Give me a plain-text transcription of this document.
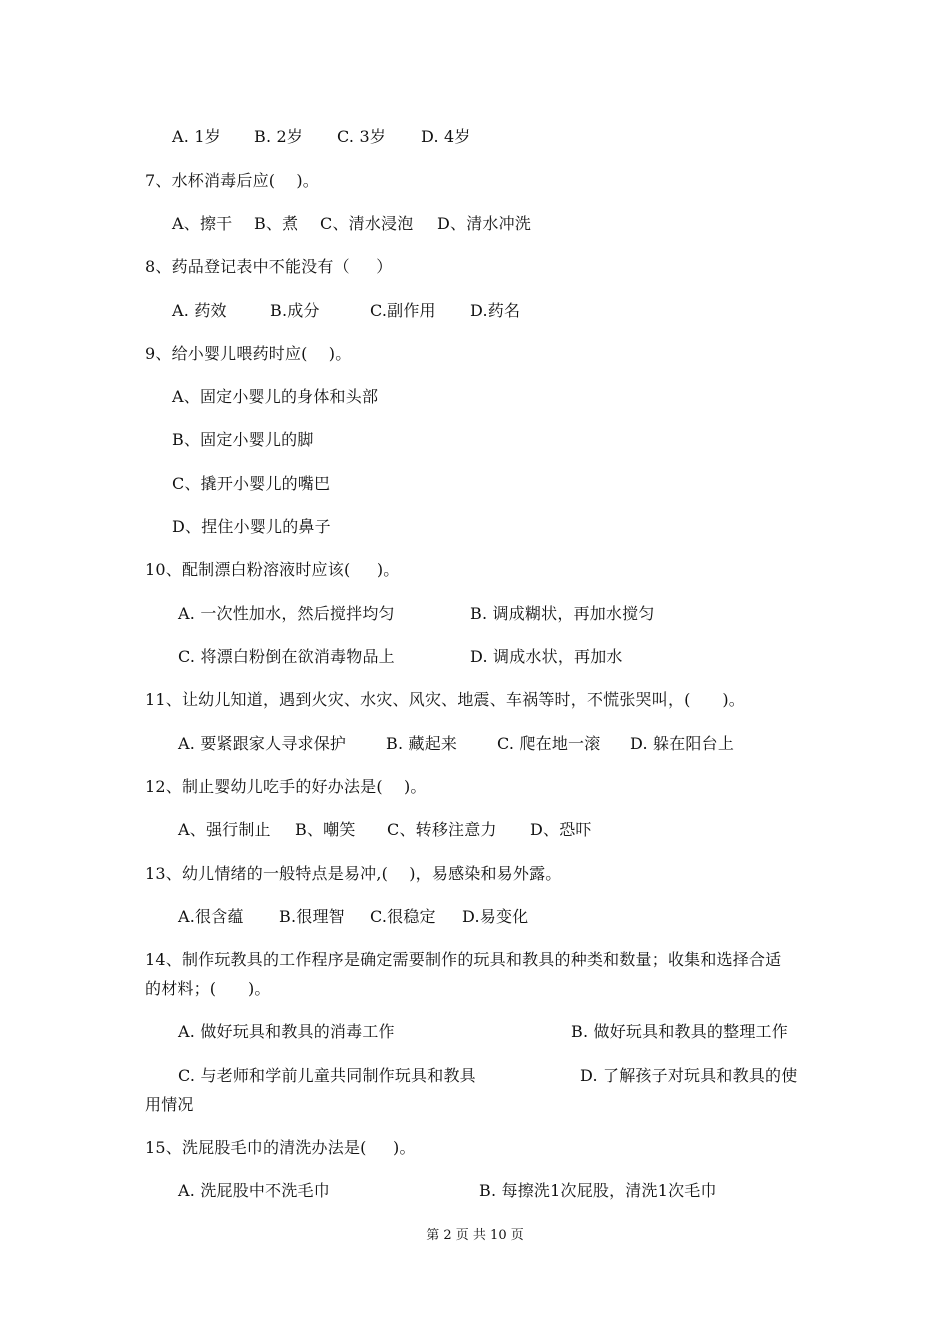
A. 1岁 B. 2岁 C. 3岁 D. 4岁
7、水杯消毒后应(    )。
A、擦干 B、煮 C、清水浸泡 D、清水冲洗
8、药品登记表中不能没有（     ）
A. 药效	B.成分	C.副作用 D.药名
9、给小婴儿喂药时应(    )。
A、固定小婴儿的身体和头部
B、固定小婴儿的脚
C、撬开小婴儿的嘴巴
D、捏住小婴儿的鼻子
10、配制漂白粉溶液时应该(     )。
A. 一次性加水，然后搅拌均匀	B. 调成糊状，再加水搅匀
C. 将漂白粉倒在欲消毒物品上	D. 调成水状，再加水
11、让幼儿知道，遇到火灾、水灾、风灾、地震、车祸等时，不慌张哭叫，(      )。
A. 要紧跟家人寻求保护 B. 藏起来 C. 爬在地一滚 D. 躲在阳台上
12、制止婴幼儿吃手的好办法是(    )。
A、强行制止 B、嘲笑 C、转移注意力 D、恐吓
13、幼儿情绪的一般特点是易冲,(    )，易感染和易外露。
A.很含蕴 B.很理智 C.很稳定 D.易变化
14、制作玩教具的工作程序是确定需要制作的玩具和教具的种类和数量；收集和选择合适
的材料；(      )。
A. 做好玩具和教具的消毒工作	B. 做好玩具和教具的整理工作
C. 与老师和学前儿童共同制作玩具和教具	D. 了解孩子对玩具和教具的使
用情况
15、洗屁股毛巾的清洗办法是(     )。
A. 洗屁股中不洗毛巾	B. 每擦洗1次屁股，清洗1次毛巾
第 2 页 共 10 页
